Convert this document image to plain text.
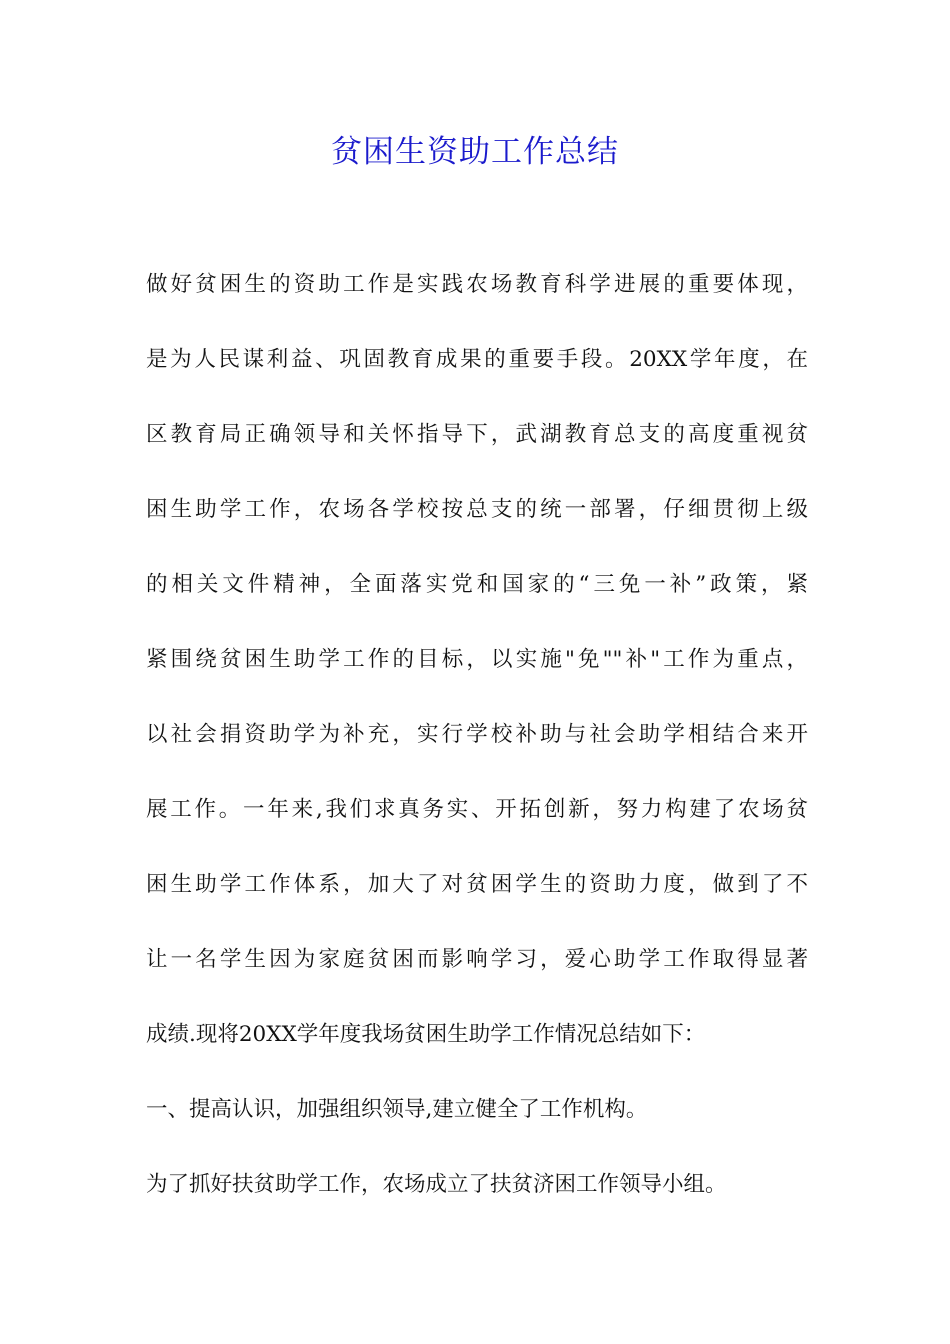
贫困生资助工作总结
做好贫困生的资助工作是实践农场教育科学进展的重要体现，
是为人民谋利益、巩固教育成果的重要手段。20XX学年度，在
区教育局正确领导和关怀指导下，武湖教育总支的高度重视贫
困生助学工作，农场各学校按总支的统一部署，仔细贯彻上级
的相关文件精神，全面落实党和国家的“三免一补”政策，紧
紧围绕贫困生助学工作的目标，以实施"免""补"工作为重点，
以社会捐资助学为补充，实行学校补助与社会助学相结合来开
展工作。一年来,我们求真务实、开拓创新，努力构建了农场贫
困生助学工作体系，加大了对贫困学生的资助力度，做到了不
让一名学生因为家庭贫困而影响学习，爱心助学工作取得显著
成绩.现将20XX学年度我场贫困生助学工作情况总结如下：
一、提高认识，加强组织领导,建立健全了工作机构。
为了抓好扶贫助学工作，农场成立了扶贫济困工作领导小组。
